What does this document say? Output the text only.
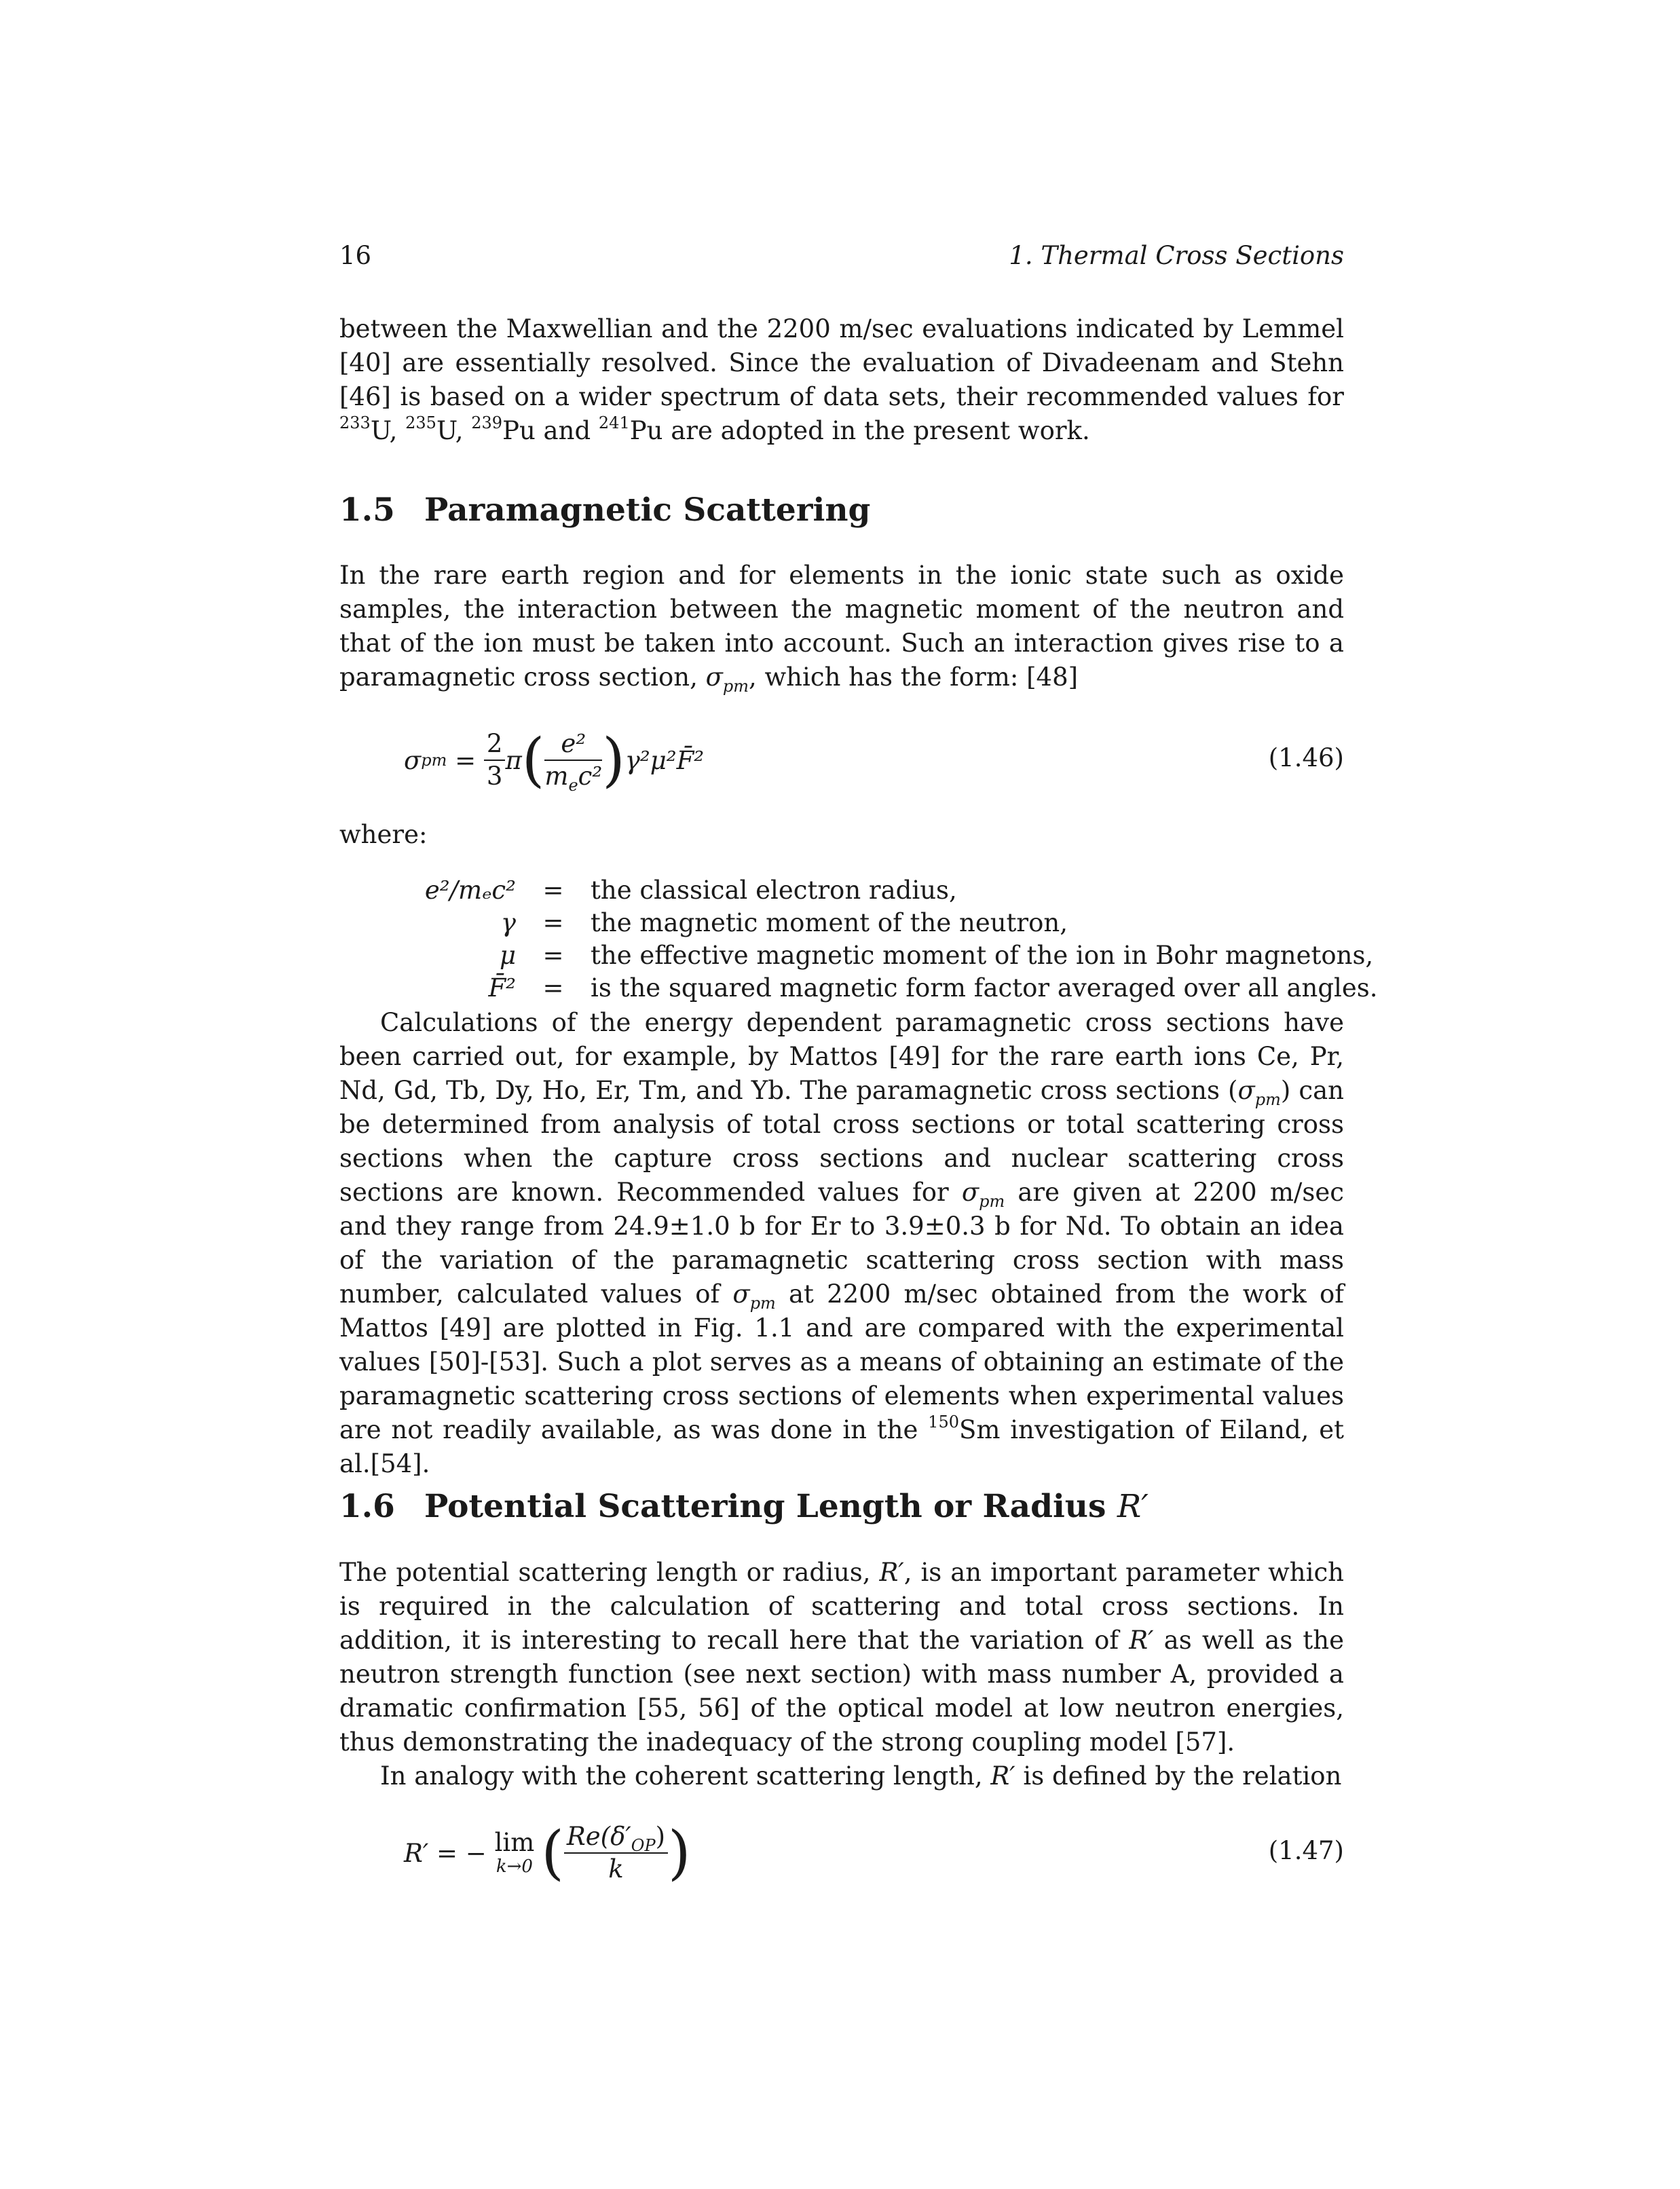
16	1. Thermal Cross Sections

between the Maxwellian and the 2200 m/sec evaluations indicated by Lemmel [40] are essentially resolved. Since the evaluation of Divadeenam and Stehn [46] is based on a wider spectrum of data sets, their recommended values for $^{233}$U, $^{235}$U, $^{239}$Pu and $^{241}$Pu are adopted in the present work.

1.5 Paramagnetic Scattering

In the rare earth region and for elements in the ionic state such as oxide samples, the interaction between the magnetic moment of the neutron and that of the ion must be taken into account. Such an interaction gives rise to a paramagnetic cross section, $\sigma_{pm}$, which has the form: [48]

σ pm = $\frac{2}{3}$ π ( $\frac{\text{e²}}{m_ec^2}$ ) γ²μ²F̄²	(1.46)

where:

e²/mₑc²	=	the classical electron radius,
γ	=	the magnetic moment of the neutron,
μ	=	the effective magnetic moment of the ion in Bohr magnetons,
F̄²	=	is the squared magnetic form factor averaged over all angles.

Calculations of the energy dependent paramagnetic cross sections have been carried out, for example, by Mattos [49] for the rare earth ions Ce, Pr, Nd, Gd, Tb, Dy, Ho, Er, Tm, and Yb. The paramagnetic cross sections $(\sigma_{pm})$ can be determined from analysis of total cross sections or total scattering cross sections when the capture cross sections and nuclear scattering cross sections are known. Recommended values for $\sigma_{pm}$ are given at 2200 m/sec and they range from 24.9±1.0 b for Er to 3.9±0.3 b for Nd. To obtain an idea of the variation of the paramagnetic scattering cross section with mass number, calculated values of $\sigma_{pm}$ at 2200 m/sec obtained from the work of Mattos [49] are plotted in Fig. 1.1 and are compared with the experimental values [50]-[53]. Such a plot serves as a means of obtaining an estimate of the paramagnetic scattering cross sections of elements when experimental values are not readily available, as was done in the $^{150}$Sm investigation of Eiland, et al.[54].

1.6 Potential Scattering Length or Radius R′

The potential scattering length or radius, R′, is an important parameter which is required in the calculation of scattering and total cross sections. In addition, it is interesting to recall here that the variation of R′ as well as the neutron strength function (see next section) with mass number A, provided a dramatic confirmation [55, 56] of the optical model at low neutron energies, thus demonstrating the inadequacy of the strong coupling model [57].

In analogy with the coherent scattering length, R′ is defined by the relation

R′ = − lim
k→0 ( $\frac{Re(\delta'_{OP})}{k}$ )	(1.47)
